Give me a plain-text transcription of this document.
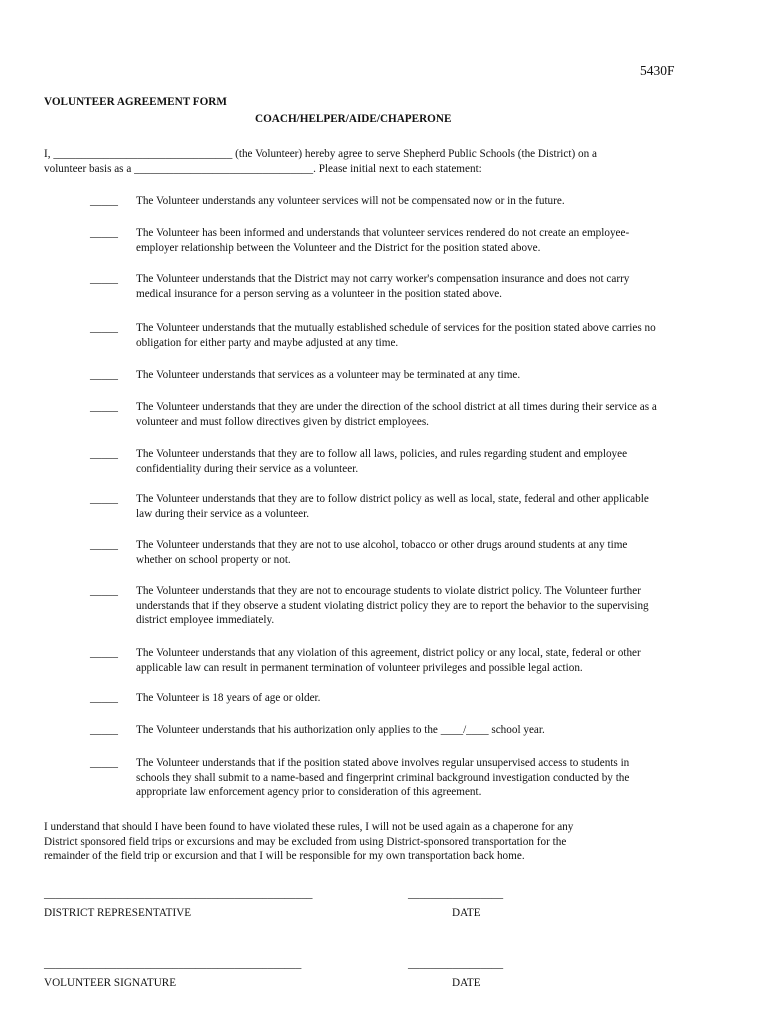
5430F
VOLUNTEER AGREEMENT FORM
COACH/HELPER/AIDE/CHAPERONE
I, ________________________________ (the Volunteer) hereby agree to serve Shepherd Public Schools (the District) on a
volunteer basis as a ________________________________. Please initial next to each statement:
_____	The Volunteer understands any volunteer services will not be compensated now or in the future.
_____	The Volunteer has been informed and understands that volunteer services rendered do not create an employee-
employer relationship between the Volunteer and the District for the position stated above.
_____	The Volunteer understands that the District may not carry worker's compensation insurance and does not carry
medical insurance for a person serving as a volunteer in the position stated above.
_____	The Volunteer understands that the mutually established schedule of services for the position stated above carries no
obligation for either party and maybe adjusted at any time.
_____	The Volunteer understands that services as a volunteer may be terminated at any time.
_____	The Volunteer understands that they are under the direction of the school district at all times during their service as a
volunteer and must follow directives given by district employees.
_____	The Volunteer understands that they are to follow all laws, policies, and rules regarding student and employee
confidentiality during their service as a volunteer.
_____	The Volunteer understands that they are to follow district policy as well as local, state, federal and other applicable
law during their service as a volunteer.
_____	The Volunteer understands that they are not to use alcohol, tobacco or other drugs around students at any time
whether on school property or not.
_____	The Volunteer understands that they are not to encourage students to violate district policy. The Volunteer further
understands that if they observe a student violating district policy they are to report the behavior to the supervising
district employee immediately.
_____	The Volunteer understands that any violation of this agreement, district policy or any local, state, federal or other
applicable law can result in permanent termination of volunteer privileges and possible legal action.
_____	The Volunteer is 18 years of age or older.
_____	The Volunteer understands that his authorization only applies to the ____/____ school year.
_____	The Volunteer understands that if the position stated above involves regular unsupervised access to students in
schools they shall submit to a name-based and fingerprint criminal background investigation conducted by the
appropriate law enforcement agency prior to consideration of this agreement.
I understand that should I have been found to have violated these rules, I will not be used again as a chaperone for any
District sponsored field trips or excursions and may be excluded from using District-sponsored transportation for the
remainder of the field trip or excursion and that I will be responsible for my own transportation back home.
________________________________________________	_________________
DISTRICT REPRESENTATIVE	DATE
______________________________________________	_________________
VOLUNTEER SIGNATURE	DATE
